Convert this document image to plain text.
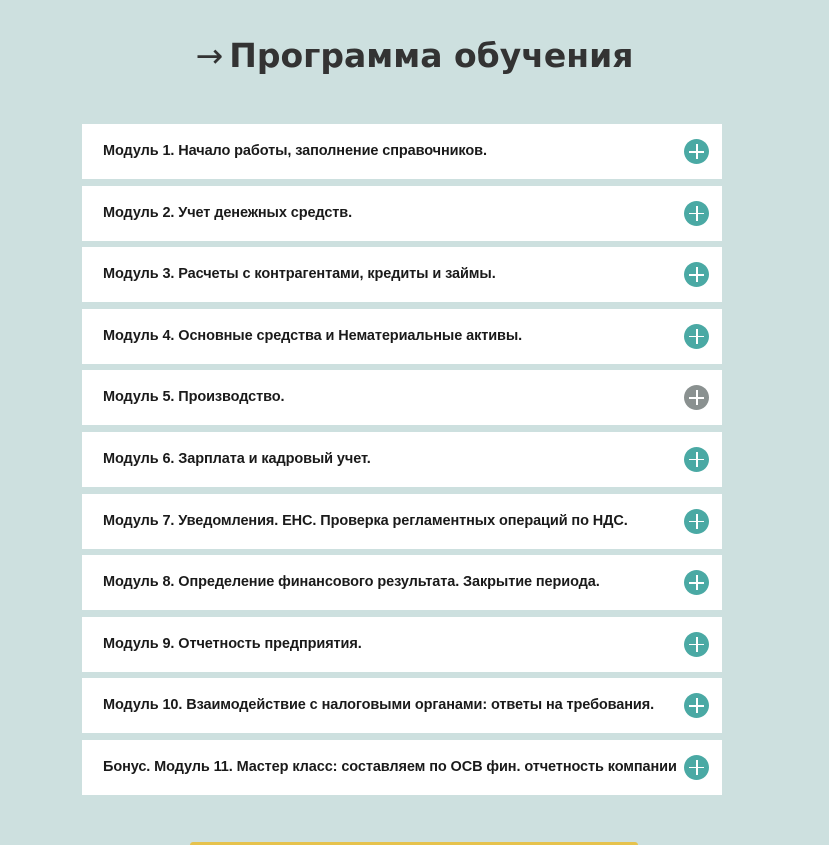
→ Программа обучения
Модуль 1. Начало работы, заполнение справочников.
Модуль 2. Учет денежных средств.
Модуль 3. Расчеты с контрагентами, кредиты и займы.
Модуль 4. Основные средства и Нематериальные активы.
Модуль 5. Производство.
Модуль 6. Зарплата и кадровый учет.
Модуль 7. Уведомления. ЕНС. Проверка регламентных операций по НДС.
Модуль 8. Определение финансового результата. Закрытие периода.
Модуль 9. Отчетность предприятия.
Модуль 10. Взаимодействие с налоговыми органами: ответы на требования.
Бонус. Модуль 11. Мастер класс: составляем по ОСВ фин. отчетность компании
